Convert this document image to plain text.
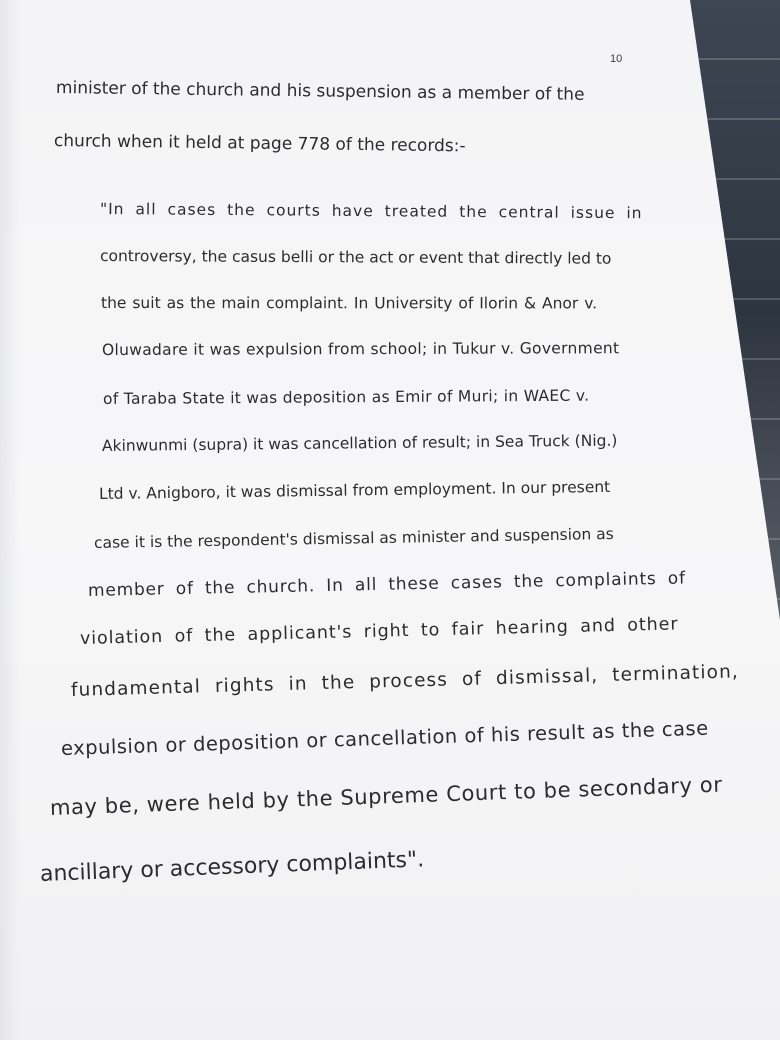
10
minister of the church and his suspension as a member of the
church when it held at page 778 of the records:-
"In all cases the courts have treated the central issue in
controversy, the casus belli or the act or event that directly led to
the suit as the main complaint. In University of Ilorin & Anor v.
Oluwadare it was expulsion from school; in Tukur v. Government
of Taraba State it was deposition as Emir of Muri; in WAEC v.
Akinwunmi (supra) it was cancellation of result; in Sea Truck (Nig.)
Ltd v. Anigboro, it was dismissal from employment. In our present
case it is the respondent's dismissal as minister and suspension as
member of the church. In all these cases the complaints of
violation of the applicant's right to fair hearing and other
fundamental rights in the process of dismissal, termination,
expulsion or deposition or cancellation of his result as the case
may be, were held by the Supreme Court to be secondary or
ancillary or accessory complaints".
